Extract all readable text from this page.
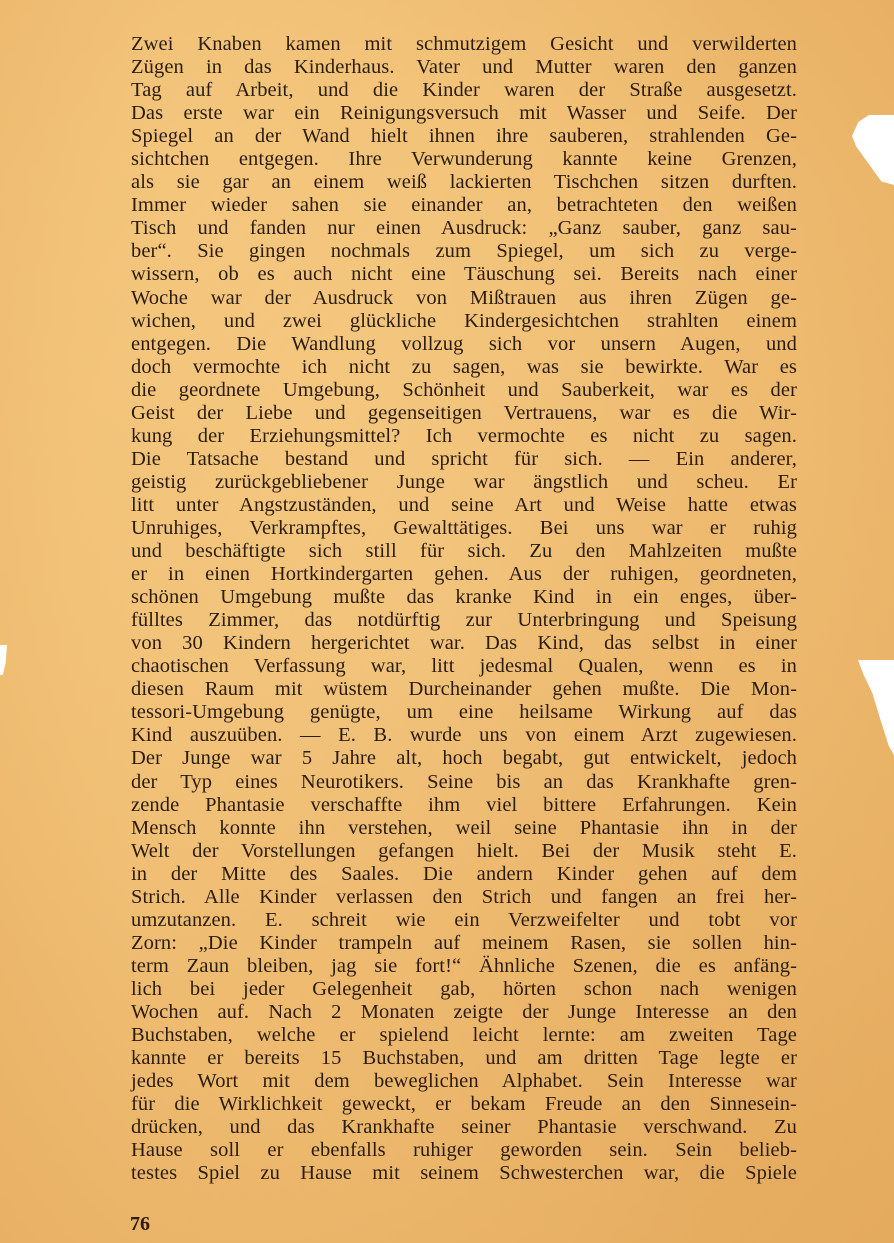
Zwei Knaben kamen mit schmutzigem Gesicht und verwilderten
Zügen in das Kinderhaus. Vater und Mutter waren den ganzen
Tag auf Arbeit, und die Kinder waren der Straße ausgesetzt.
Das erste war ein Reinigungsversuch mit Wasser und Seife. Der
Spiegel an der Wand hielt ihnen ihre sauberen, strahlenden Ge-
sichtchen entgegen. Ihre Verwunderung kannte keine Grenzen,
als sie gar an einem weiß lackierten Tischchen sitzen durften.
Immer wieder sahen sie einander an, betrachteten den weißen
Tisch und fanden nur einen Ausdruck: „Ganz sauber, ganz sau-
ber“. Sie gingen nochmals zum Spiegel, um sich zu verge-
wissern, ob es auch nicht eine Täuschung sei. Bereits nach einer
Woche war der Ausdruck von Mißtrauen aus ihren Zügen ge-
wichen, und zwei glückliche Kindergesichtchen strahlten einem
entgegen. Die Wandlung vollzug sich vor unsern Augen, und
doch vermochte ich nicht zu sagen, was sie bewirkte. War es
die geordnete Umgebung, Schönheit und Sauberkeit, war es der
Geist der Liebe und gegenseitigen Vertrauens, war es die Wir-
kung der Erziehungsmittel? Ich vermochte es nicht zu sagen.
Die Tatsache bestand und spricht für sich. — Ein anderer,
geistig zurückgebliebener Junge war ängstlich und scheu. Er
litt unter Angstzuständen, und seine Art und Weise hatte etwas
Unruhiges, Verkrampftes, Gewalttätiges. Bei uns war er ruhig
und beschäftigte sich still für sich. Zu den Mahlzeiten mußte
er in einen Hortkindergarten gehen. Aus der ruhigen, geordneten,
schönen Umgebung mußte das kranke Kind in ein enges, über-
fülltes Zimmer, das notdürftig zur Unterbringung und Speisung
von 30 Kindern hergerichtet war. Das Kind, das selbst in einer
chaotischen Verfassung war, litt jedesmal Qualen, wenn es in
diesen Raum mit wüstem Durcheinander gehen mußte. Die Mon-
tessori-Umgebung genügte, um eine heilsame Wirkung auf das
Kind auszuüben. — E. B. wurde uns von einem Arzt zugewiesen.
Der Junge war 5 Jahre alt, hoch begabt, gut entwickelt, jedoch
der Typ eines Neurotikers. Seine bis an das Krankhafte gren-
zende Phantasie verschaffte ihm viel bittere Erfahrungen. Kein
Mensch konnte ihn verstehen, weil seine Phantasie ihn in der
Welt der Vorstellungen gefangen hielt. Bei der Musik steht E.
in der Mitte des Saales. Die andern Kinder gehen auf dem
Strich. Alle Kinder verlassen den Strich und fangen an frei her-
umzutanzen. E. schreit wie ein Verzweifelter und tobt vor
Zorn: „Die Kinder trampeln auf meinem Rasen, sie sollen hin-
term Zaun bleiben, jag sie fort!“ Ähnliche Szenen, die es anfäng-
lich bei jeder Gelegenheit gab, hörten schon nach wenigen
Wochen auf. Nach 2 Monaten zeigte der Junge Interesse an den
Buchstaben, welche er spielend leicht lernte: am zweiten Tage
kannte er bereits 15 Buchstaben, und am dritten Tage legte er
jedes Wort mit dem beweglichen Alphabet. Sein Interesse war
für die Wirklichkeit geweckt, er bekam Freude an den Sinnesein-
drücken, und das Krankhafte seiner Phantasie verschwand. Zu
Hause soll er ebenfalls ruhiger geworden sein. Sein belieb-
testes Spiel zu Hause mit seinem Schwesterchen war, die Spiele
76
